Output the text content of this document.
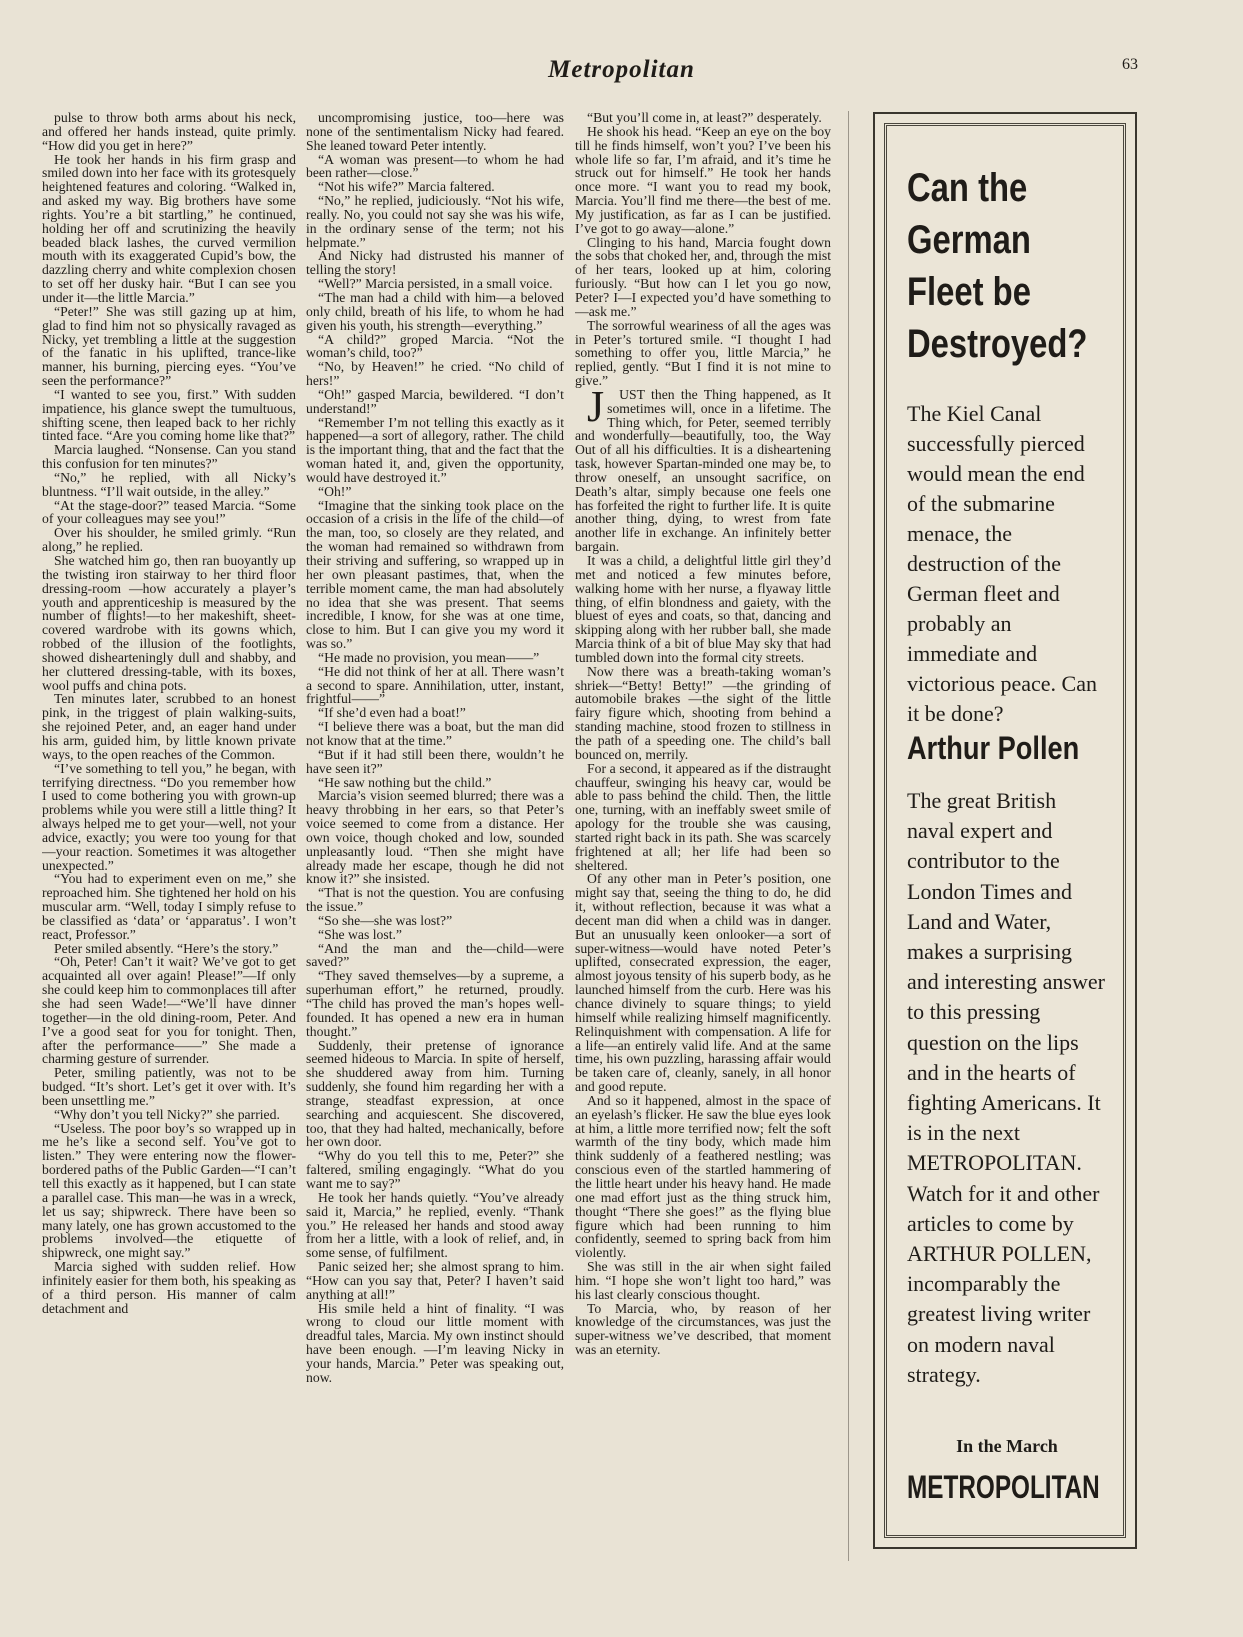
Metropolitan	63

pulse to throw both arms about his neck, and offered her hands instead, quite primly. “How did you get in here?”

He took her hands in his firm grasp and smiled down into her face with its grotesquely heightened features and coloring. “Walked in, and asked my way. Big brothers have some rights. You’re a bit startling,” he continued, holding her off and scrutinizing the heavily beaded black lashes, the curved vermilion mouth with its exaggerated Cupid’s bow, the dazzling cherry and white complexion chosen to set off her dusky hair. “But I can see you under it—the little Marcia.”

“Peter!” She was still gazing up at him, glad to find him not so physically ravaged as Nicky, yet trembling a little at the suggestion of the fanatic in his uplifted, trance-like manner, his burning, piercing eyes. “You’ve seen the performance?”

“I wanted to see you, first.” With sudden impatience, his glance swept the tumultuous, shifting scene, then leaped back to her richly tinted face. “Are you coming home like that?”

Marcia laughed. “Nonsense. Can you stand this confusion for ten minutes?”

“No,” he replied, with all Nicky’s bluntness. “I’ll wait outside, in the alley.”

“At the stage-door?” teased Marcia. “Some of your colleagues may see you!”

Over his shoulder, he smiled grimly. “Run along,” he replied.

She watched him go, then ran buoyantly up the twisting iron stairway to her third floor dressing-room —how accurately a player’s youth and apprenticeship is measured by the number of flights!—to her makeshift, sheet-covered wardrobe with its gowns which, robbed of the illusion of the footlights, showed dishearteningly dull and shabby, and her cluttered dressing-table, with its boxes, wool puffs and china pots.

Ten minutes later, scrubbed to an honest pink, in the triggest of plain walking-suits, she rejoined Peter, and, an eager hand under his arm, guided him, by little known private ways, to the open reaches of the Common.

“I’ve something to tell you,” he began, with terrifying directness. “Do you remember how I used to come bothering you with grown-up problems while you were still a little thing? It always helped me to get your—well, not your advice, exactly; you were too young for that—your reaction. Sometimes it was altogether unexpected.”

“You had to experiment even on me,” she reproached him. She tightened her hold on his muscular arm. “Well, today I simply refuse to be classified as ‘data’ or ‘apparatus’. I won’t react, Professor.”

Peter smiled absently. “Here’s the story.”

“Oh, Peter! Can’t it wait? We’ve got to get acquainted all over again! Please!”—If only she could keep him to commonplaces till after she had seen Wade!—“We’ll have dinner together—in the old dining-room, Peter. And I’ve a good seat for you for tonight. Then, after the performance——” She made a charming gesture of surrender.

Peter, smiling patiently, was not to be budged. “It’s short. Let’s get it over with. It’s been unsettling me.”

“Why don’t you tell Nicky?” she parried.

“Useless. The poor boy’s so wrapped up in me he’s like a second self. You’ve got to listen.” They were entering now the flower-bordered paths of the Public Garden—“I can’t tell this exactly as it happened, but I can state a parallel case. This man—he was in a wreck, let us say; shipwreck. There have been so many lately, one has grown accustomed to the problems involved—the etiquette of shipwreck, one might say.”

Marcia sighed with sudden relief. How infinitely easier for them both, his speaking as of a third person. His manner of calm detachment and

uncompromising justice, too—here was none of the sentimentalism Nicky had feared. She leaned toward Peter intently.

“A woman was present—to whom he had been rather—close.”

“Not his wife?” Marcia faltered.

“No,” he replied, judiciously. “Not his wife, really. No, you could not say she was his wife, in the ordinary sense of the term; not his helpmate.”

And Nicky had distrusted his manner of telling the story!

“Well?” Marcia persisted, in a small voice.

“The man had a child with him—a beloved only child, breath of his life, to whom he had given his youth, his strength—everything.”

“A child?” groped Marcia. “Not the woman’s child, too?”

“No, by Heaven!” he cried. “No child of hers!”

“Oh!” gasped Marcia, bewildered. “I don’t understand!”

“Remember I’m not telling this exactly as it happened—a sort of allegory, rather. The child is the important thing, that and the fact that the woman hated it, and, given the opportunity, would have destroyed it.”

“Oh!”

“Imagine that the sinking took place on the occasion of a crisis in the life of the child—of the man, too, so closely are they related, and the woman had remained so withdrawn from their striving and suffering, so wrapped up in her own pleasant pastimes, that, when the terrible moment came, the man had absolutely no idea that she was present. That seems incredible, I know, for she was at one time, close to him. But I can give you my word it was so.”

“He made no provision, you mean——”

“He did not think of her at all. There wasn’t a second to spare. Annihilation, utter, instant, frightful——”

“If she’d even had a boat!”

“I believe there was a boat, but the man did not know that at the time.”

“But if it had still been there, wouldn’t he have seen it?”

“He saw nothing but the child.”

Marcia’s vision seemed blurred; there was a heavy throbbing in her ears, so that Peter’s voice seemed to come from a distance. Her own voice, though choked and low, sounded unpleasantly loud. “Then she might have already made her escape, though he did not know it?” she insisted.

“That is not the question. You are confusing the issue.”

“So she—she was lost?”

“She was lost.”

“And the man and the—child—were saved?”

“They saved themselves—by a supreme, a superhuman effort,” he returned, proudly. “The child has proved the man’s hopes well-founded. It has opened a new era in human thought.”

Suddenly, their pretense of ignorance seemed hideous to Marcia. In spite of herself, she shuddered away from him. Turning suddenly, she found him regarding her with a strange, steadfast expression, at once searching and acquiescent. She discovered, too, that they had halted, mechanically, before her own door.

“Why do you tell this to me, Peter?” she faltered, smiling engagingly. “What do you want me to say?”

He took her hands quietly. “You’ve already said it, Marcia,” he replied, evenly. “Thank you.” He released her hands and stood away from her a little, with a look of relief, and, in some sense, of fulfilment.

Panic seized her; she almost sprang to him. “How can you say that, Peter? I haven’t said anything at all!”

His smile held a hint of finality. “I was wrong to cloud our little moment with dreadful tales, Marcia. My own instinct should have been enough. —I’m leaving Nicky in your hands, Marcia.” Peter was speaking out, now.

“But you’ll come in, at least?” desperately.

He shook his head. “Keep an eye on the boy till he finds himself, won’t you? I’ve been his whole life so far, I’m afraid, and it’s time he struck out for himself.” He took her hands once more. “I want you to read my book, Marcia. You’ll find me there—the best of me. My justification, as far as I can be justified. I’ve got to go away—alone.”

Clinging to his hand, Marcia fought down the sobs that choked her, and, through the mist of her tears, looked up at him, coloring furiously. “But how can I let you go now, Peter? I—I expected you’d have something to—ask me.”

The sorrowful weariness of all the ages was in Peter’s tortured smile. “I thought I had something to offer you, little Marcia,” he replied, gently. “But I find it is not mine to give.”

JUST then the Thing happened, as It sometimes will, once in a lifetime. The Thing which, for Peter, seemed terribly and wonderfully—beautifully, too, the Way Out of all his difficulties. It is a disheartening task, however Spartan-minded one may be, to throw oneself, an unsought sacrifice, on Death’s altar, simply because one feels one has forfeited the right to further life. It is quite another thing, dying, to wrest from fate another life in exchange. An infinitely better bargain.

It was a child, a delightful little girl they’d met and noticed a few minutes before, walking home with her nurse, a flyaway little thing, of elfin blondness and gaiety, with the bluest of eyes and coats, so that, dancing and skipping along with her rubber ball, she made Marcia think of a bit of blue May sky that had tumbled down into the formal city streets.

Now there was a breath-taking woman’s shriek—“Betty! Betty!” —the grinding of automobile brakes —the sight of the little fairy figure which, shooting from behind a standing machine, stood frozen to stillness in the path of a speeding one. The child’s ball bounced on, merrily.

For a second, it appeared as if the distraught chauffeur, swinging his heavy car, would be able to pass behind the child. Then, the little one, turning, with an ineffably sweet smile of apology for the trouble she was causing, started right back in its path. She was scarcely frightened at all; her life had been so sheltered.

Of any other man in Peter’s position, one might say that, seeing the thing to do, he did it, without reflection, because it was what a decent man did when a child was in danger. But an unusually keen onlooker—a sort of super-witness—would have noted Peter’s uplifted, consecrated expression, the eager, almost joyous tensity of his superb body, as he launched himself from the curb. Here was his chance divinely to square things; to yield himself while realizing himself magnificently. Relinquishment with compensation. A life for a life—an entirely valid life. And at the same time, his own puzzling, harassing affair would be taken care of, cleanly, sanely, in all honor and good repute.

And so it happened, almost in the space of an eyelash’s flicker. He saw the blue eyes look at him, a little more terrified now; felt the soft warmth of the tiny body, which made him think suddenly of a feathered nestling; was conscious even of the startled hammering of the little heart under his heavy hand. He made one mad effort just as the thing struck him, thought “There she goes!” as the flying blue figure which had been running to him confidently, seemed to spring back from him violently.

She was still in the air when sight failed him. “I hope she won’t light too hard,” was his last clearly conscious thought.

To Marcia, who, by reason of her knowledge of the circumstances, was just the super-witness we’ve described, that moment was an eternity.

Can the German Fleet be Destroyed?
The Kiel Canal successfully pierced would mean the end of the submarine menace, the destruction of the German fleet and probably an immediate and victorious peace. Can it be done?
Arthur Pollen
The great British naval expert and contributor to the London Times and Land and Water, makes a surprising and interesting answer to this pressing question on the lips and in the hearts of fighting Americans. It is in the next METROPOLITAN. Watch for it and other articles to come by ARTHUR POLLEN, incomparably the greatest living writer on modern naval strategy.
In the March
METROPOLITAN
